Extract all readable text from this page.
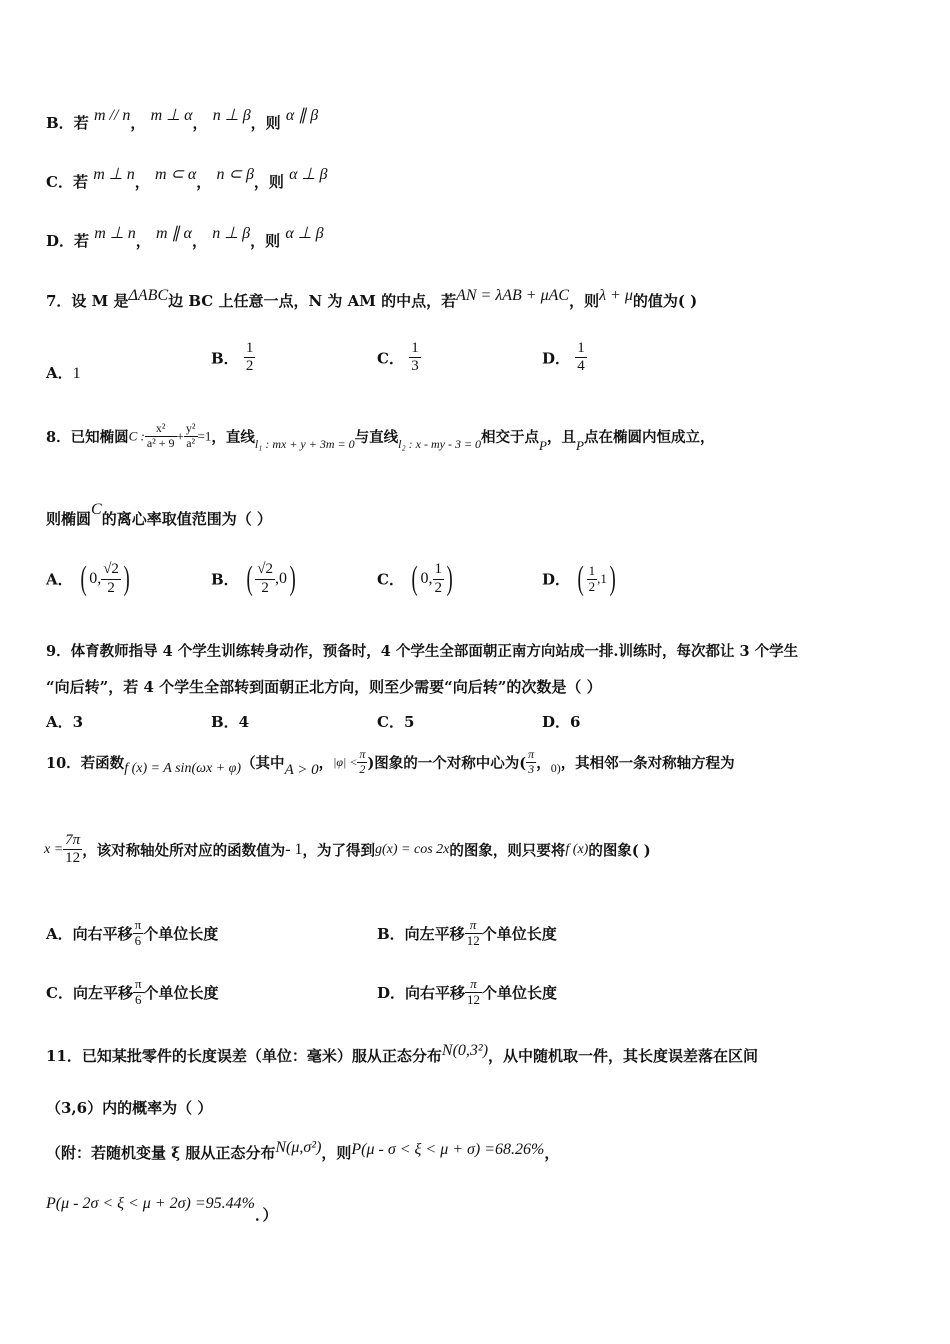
B．若 m // n， m ⊥ α， n ⊥ β，则 α ∥ β
C．若 m ⊥ n， m ⊂ α， n ⊂ β，则 α ⊥ β
D．若 m ⊥ n， m ∥ α， n ⊥ β，则 α ⊥ β
7．设 M 是ΔABC边 BC 上任意一点，N 为 AM 的中点，若AN = λAB + μAC，则λ + μ的值为( )
A．1
B． $\frac{1}{2}$	C． $\frac{1}{3}$	D． $\frac{1}{4}$
8．已知椭圆C : $\frac{\text{x²}}{\text{a² + 9}} + \frac{\text{y²}}{\text{a²}} =1$，直线$_{l_1 : mx + y + 3m = 0}$与直线$_{l_2 : x - my - 3 = 0}$相交于点P，且P点在椭圆内恒成立，
则椭圆C的离心率取值范围为（ ）
A． ( 0, $\frac{√2}{2}$ )	B． ( $\frac{√2}{2} ,0$)	C． ( 0, $\frac{1}{2}$ )	D． ( $\frac{1}{2} ,1$)
9．体育教师指导 4 个学生训练转身动作，预备时，4 个学生全部面朝正南方向站成一排.训练时，每次都让 3 个学生
“向后转”，若 4 个学生全部转到面朝正北方向，则至少需要“向后转”的次数是（ ）
A．3	B．4	C．5	D．6
10．若函数f (x) = A sin(ωx + φ)（其中A > 0，$|\varphi| < \frac{\pi}{2}$ )图象的一个对称中心为( $\frac{\pi}{3}$ ，$_{0)}$，其相邻一条对称轴方程为
$x = \frac{7\pi}{12}$ ，该对称轴处所对应的函数值为- 1，为了得到g(x) = cos 2x的图象，则只要将f (x)的图象( )
A．向右平移 $\frac{\pi}{6}$ 个单位长度	B．向左平移 $\frac{\pi}{12}$ 个单位长度
C．向左平移 $\frac{\pi}{6}$ 个单位长度	D．向右平移 $\frac{\pi}{12}$ 个单位长度
11．已知某批零件的长度误差（单位：毫米）服从正态分布N(0,3²)，从中随机取一件，其长度误差落在区间
（3,6）内的概率为（ ）
（附：若随机变量 ξ 服从正态分布N(μ,σ²)，则P(μ - σ < ξ < μ + σ) =68.26%，
P(μ - 2σ < ξ < μ + 2σ) =95.44%．）
